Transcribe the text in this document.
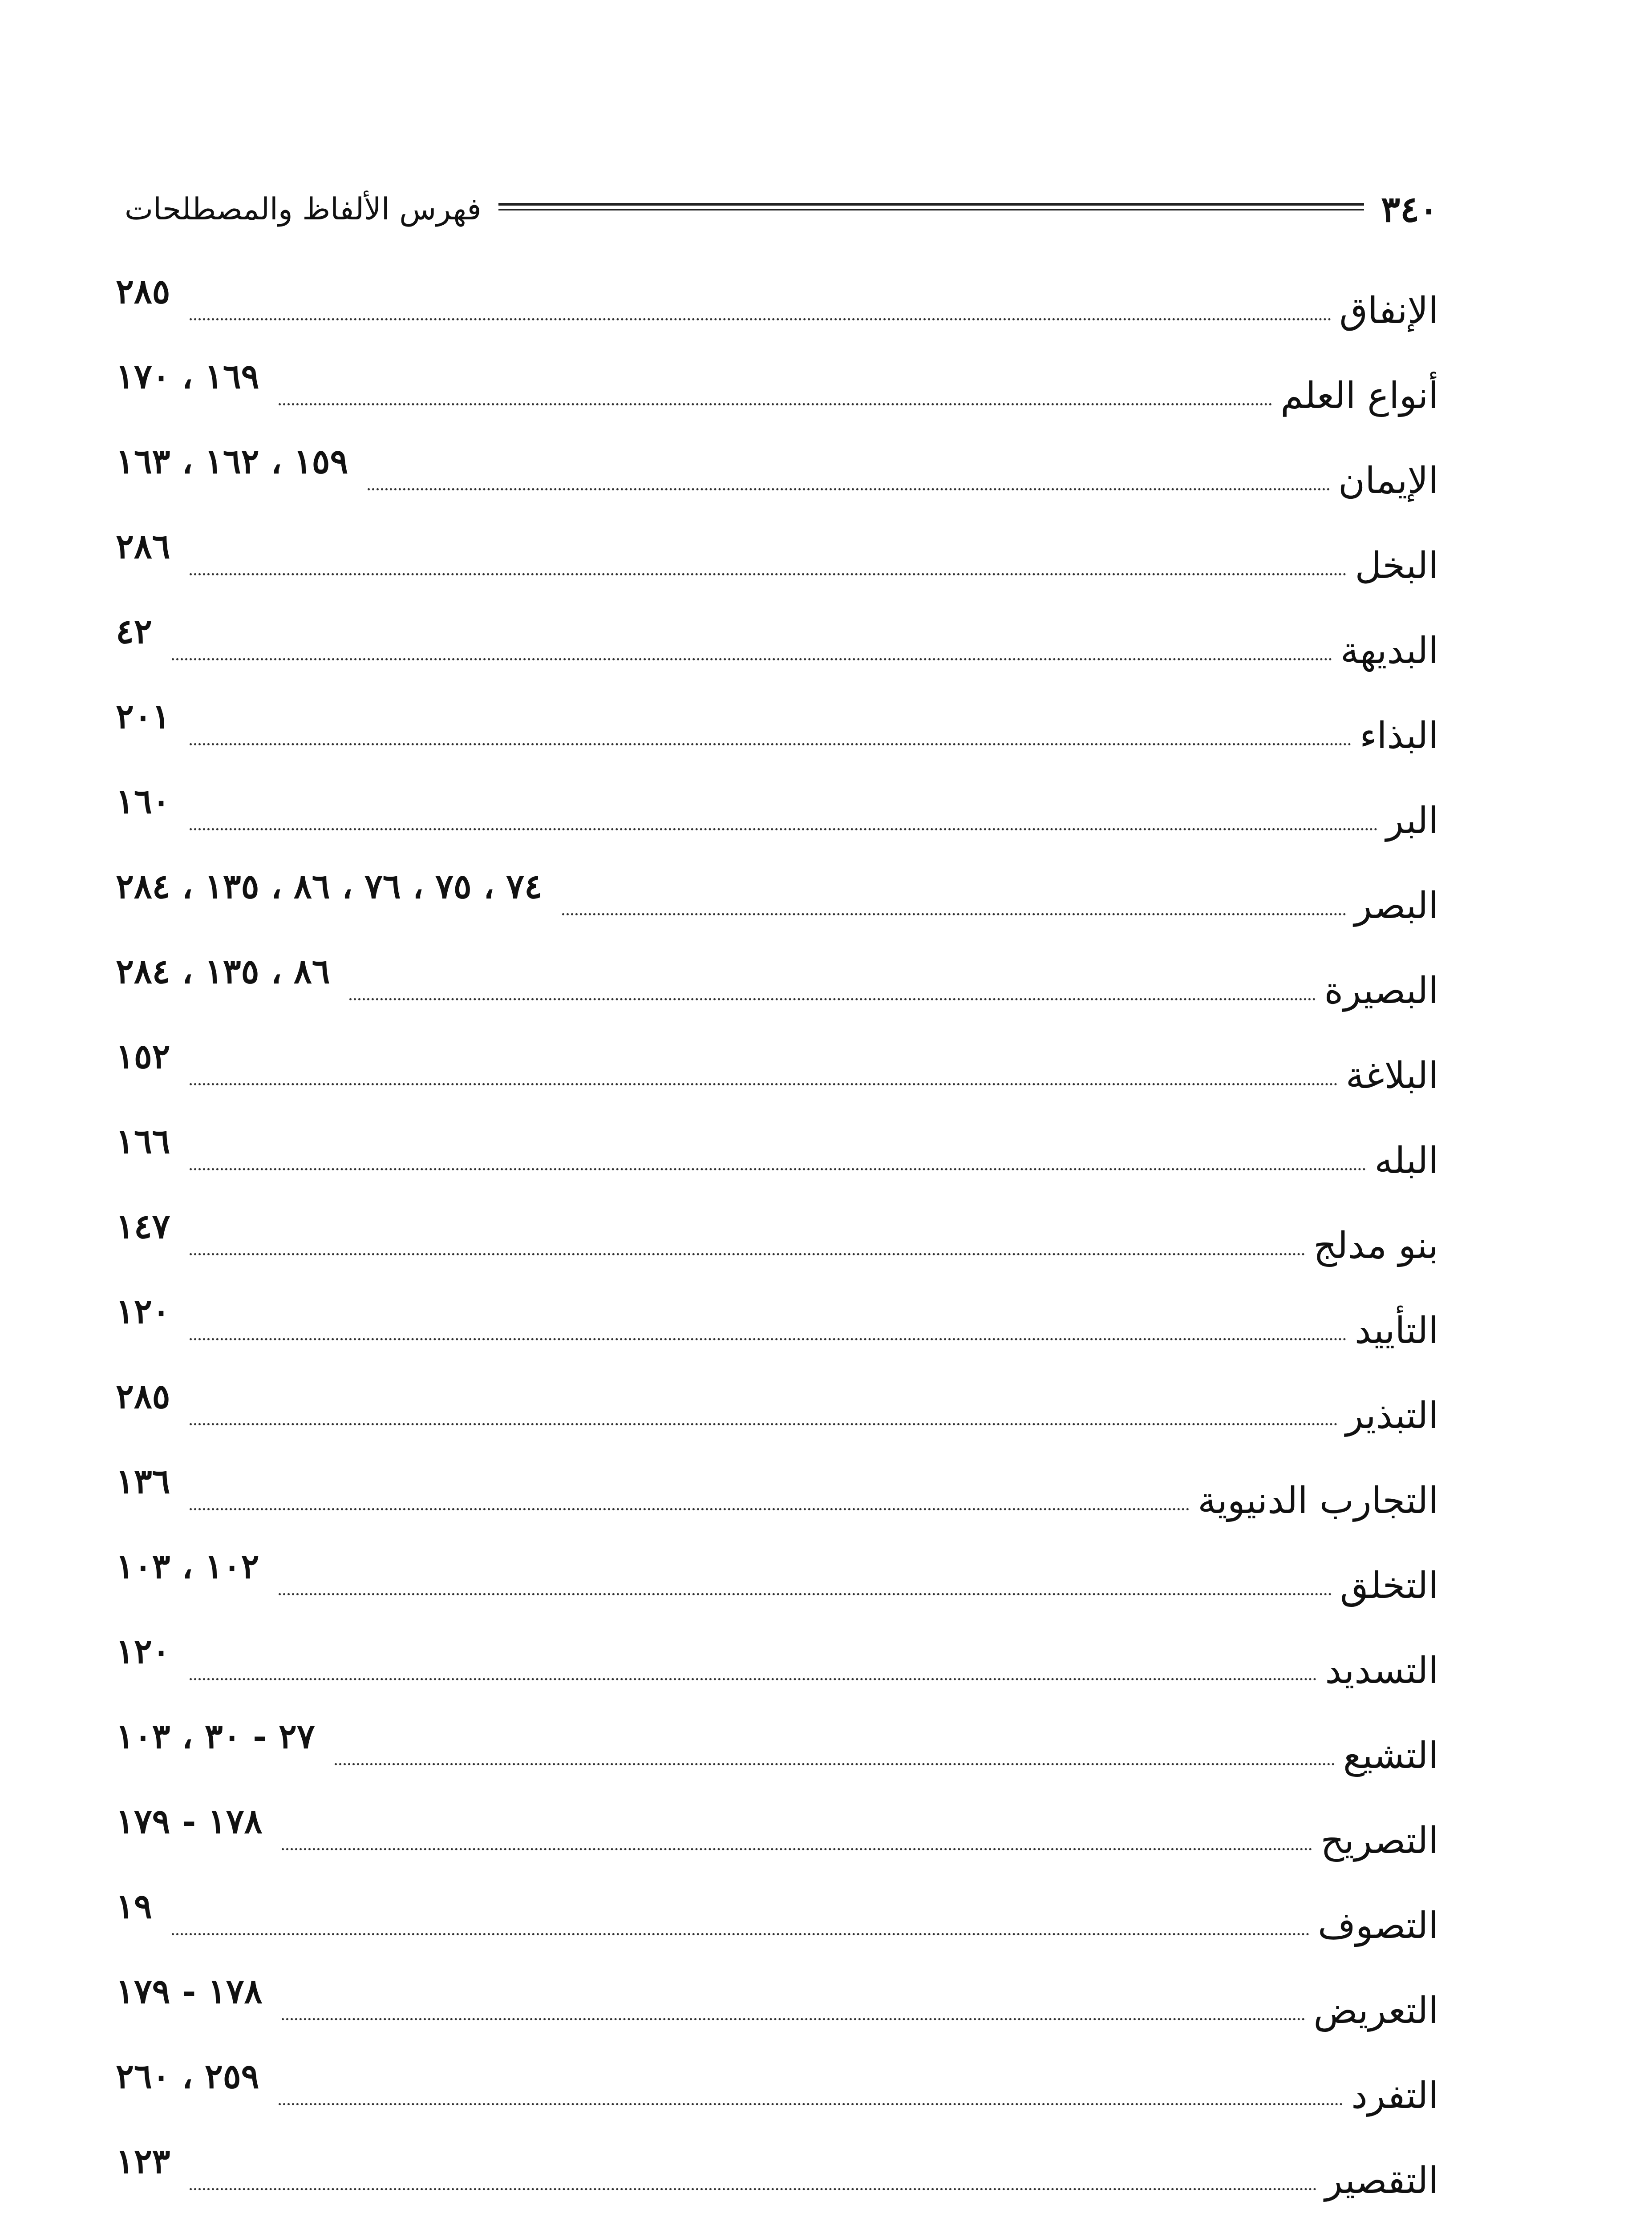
٣٤٠
فهرس الألفاظ والمصطلحات
الإنفاق
٢٨٥
أنواع العلم
١٦٩ ، ١٧٠
الإيمان
١٥٩ ، ١٦٢ ، ١٦٣
البخل
٢٨٦
البديهة
٤٢
البذاء
٢٠١
البر
١٦٠
البصر
٧٤ ، ٧٥ ، ٧٦ ، ٨٦ ، ١٣٥ ، ٢٨٤
البصيرة
٨٦ ، ١٣٥ ، ٢٨٤
البلاغة
١٥٢
البله
١٦٦
بنو مدلج
١٤٧
التأييد
١٢٠
التبذير
٢٨٥
التجارب الدنيوية
١٣٦
التخلق
١٠٢ ، ١٠٣
التسديد
١٢٠
التشيع
٢٧ - ٣٠ ، ١٠٣
التصريح
١٧٨ - ١٧٩
التصوف
١٩
التعريض
١٧٨ - ١٧٩
التفرد
٢٥٩ ، ٢٦٠
التقصير
١٢٣
